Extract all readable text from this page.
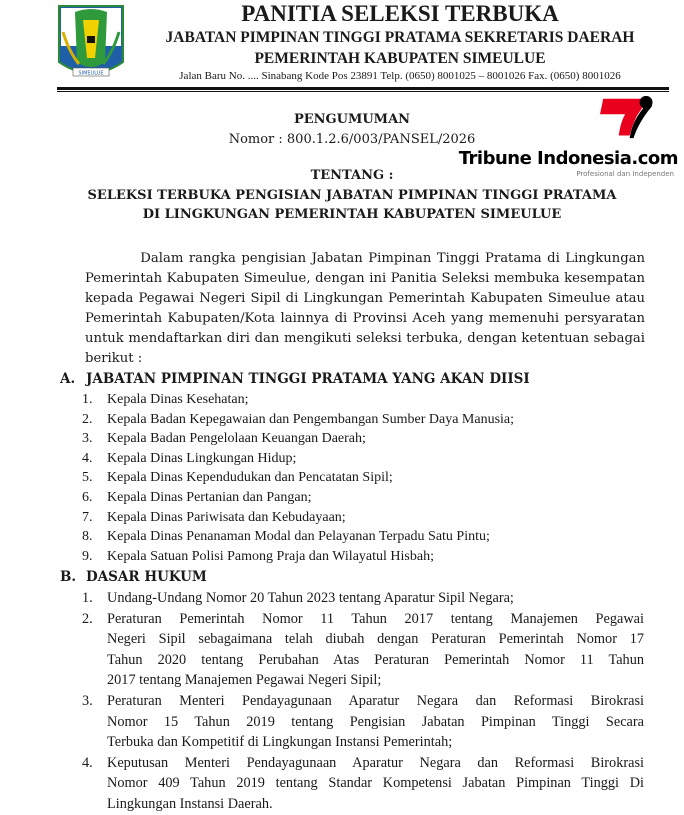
SIMEULUE
PANITIA SELEKSI TERBUKA
JABATAN PIMPINAN TINGGI PRATAMA SEKRETARIS DAERAH
PEMERINTAH KABUPATEN SIMEULUE
Jalan Baru No. .... Sinabang Kode Pos 23891 Telp. (0650) 8001025 – 8001026 Fax. (0650) 8001026
PENGUMUMAN
Nomor : 800.1.2.6/003/PANSEL/2026
TENTANG :
SELEKSI TERBUKA PENGISIAN JABATAN PIMPINAN TINGGI PRATAMA
DI LINGKUNGAN PEMERINTAH KABUPATEN SIMEULUE
Dalam rangka pengisian Jabatan Pimpinan Tinggi Pratama di Lingkungan
Pemerintah Kabupaten Simeulue, dengan ini Panitia Seleksi membuka kesempatan
kepada Pegawai Negeri Sipil di Lingkungan Pemerintah Kabupaten Simeulue atau
Pemerintah Kabupaten/Kota lainnya di Provinsi Aceh yang memenuhi persyaratan
untuk mendaftarkan diri dan mengikuti seleksi terbuka, dengan ketentuan sebagai
berikut :
A. JABATAN PIMPINAN TINGGI PRATAMA YANG AKAN DIISI
1. Kepala Dinas Kesehatan;
2. Kepala Badan Kepegawaian dan Pengembangan Sumber Daya Manusia;
3. Kepala Badan Pengelolaan Keuangan Daerah;
4. Kepala Dinas Lingkungan Hidup;
5. Kepala Dinas Kependudukan dan Pencatatan Sipil;
6. Kepala Dinas Pertanian dan Pangan;
7. Kepala Dinas Pariwisata dan Kebudayaan;
8. Kepala Dinas Penanaman Modal dan Pelayanan Terpadu Satu Pintu;
9. Kepala Satuan Polisi Pamong Praja dan Wilayatul Hisbah;
B. DASAR HUKUM
1. Undang-Undang Nomor 20 Tahun 2023 tentang Aparatur Sipil Negara;
2. Peraturan Pemerintah Nomor 11 Tahun 2017 tentang Manajemen Pegawai
Negeri Sipil sebagaimana telah diubah dengan Peraturan Pemerintah Nomor 17
Tahun 2020 tentang Perubahan Atas Peraturan Pemerintah Nomor 11 Tahun
2017 tentang Manajemen Pegawai Negeri Sipil;
3. Peraturan Menteri Pendayagunaan Aparatur Negara dan Reformasi Birokrasi
Nomor 15 Tahun 2019 tentang Pengisian Jabatan Pimpinan Tinggi Secara
Terbuka dan Kompetitif di Lingkungan Instansi Pemerintah;
4. Keputusan Menteri Pendayagunaan Aparatur Negara dan Reformasi Birokrasi
Nomor 409 Tahun 2019 tentang Standar Kompetensi Jabatan Pimpinan Tinggi Di
Lingkungan Instansi Daerah.
Tribune Indonesia.com
Profesional dan Independen
